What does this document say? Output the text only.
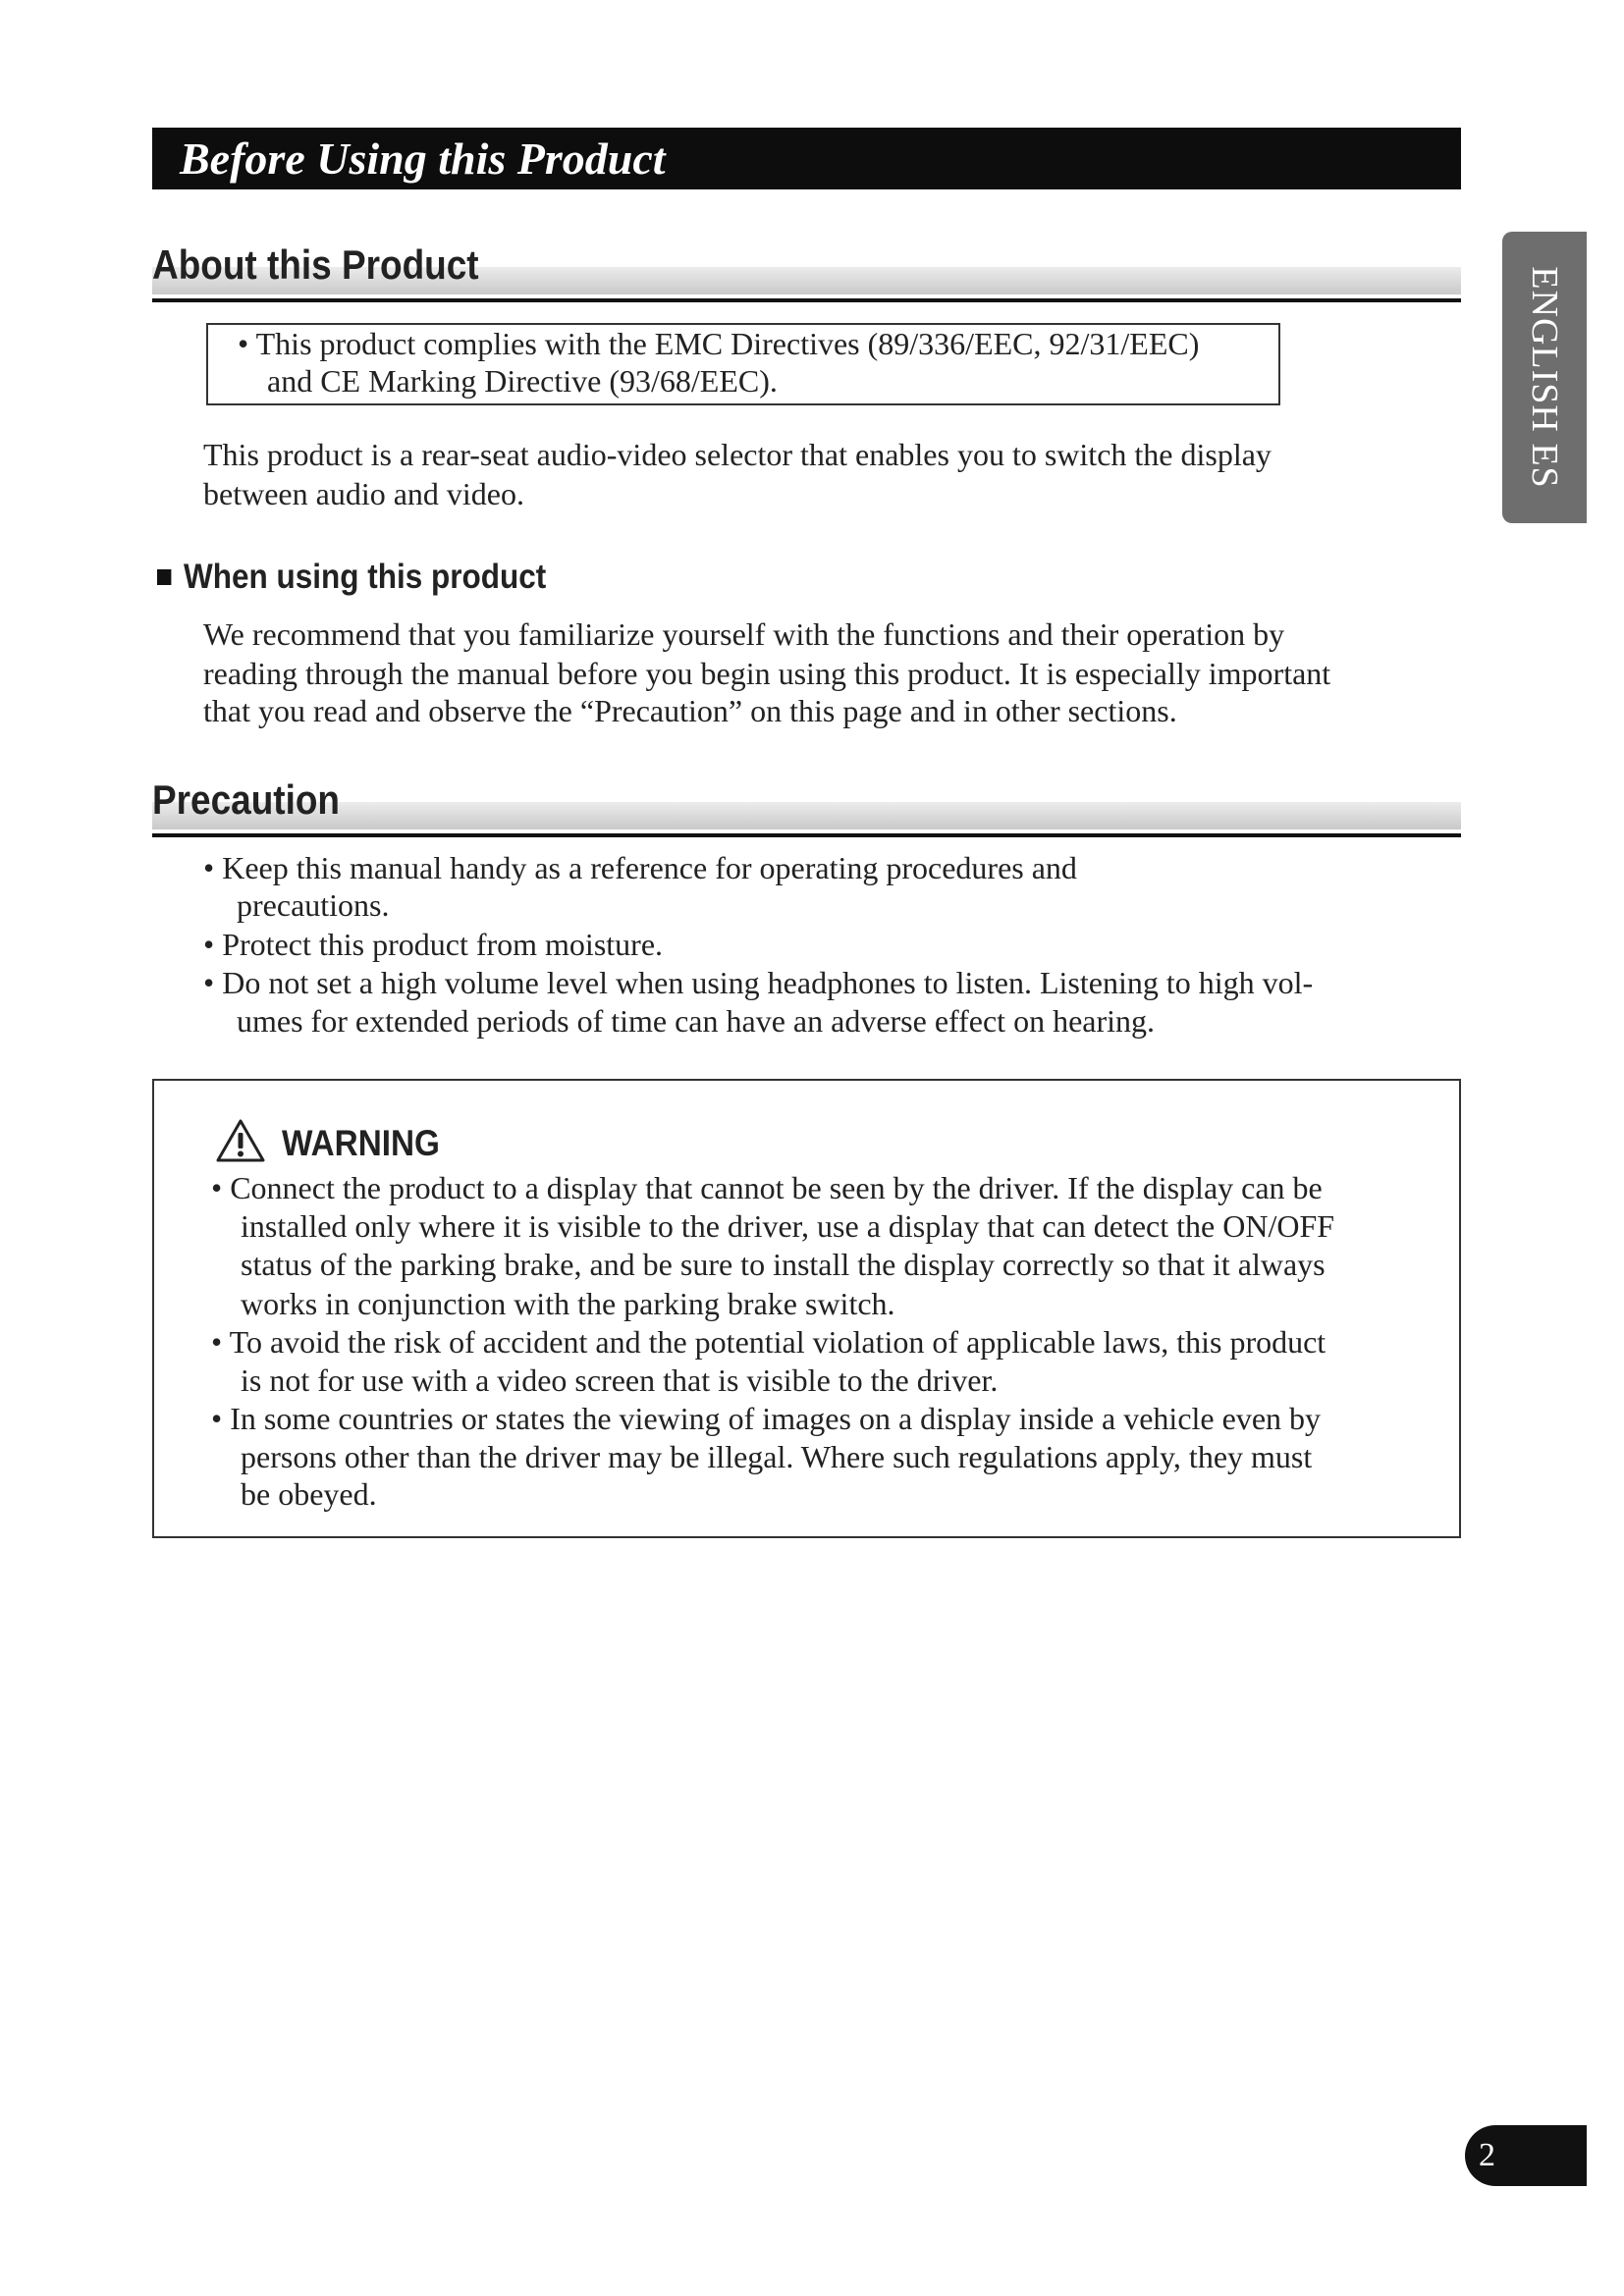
Before Using this Product
ENGLISH ES
About this Product
• This product complies with the EMC Directives (89/336/EEC, 92/31/EEC)
and CE Marking Directive (93/68/EEC).
This product is a rear-seat audio-video selector that enables you to switch the display
between audio and video.
When using this product
We recommend that you familiarize yourself with the functions and their operation by
reading through the manual before you begin using this product. It is especially important
that you read and observe the “Precaution” on this page and in other sections.
Precaution
• Keep this manual handy as a reference for operating procedures and
precautions.
• Protect this product from moisture.
• Do not set a high volume level when using headphones to listen. Listening to high vol-
umes for extended periods of time can have an adverse effect on hearing.
WARNING
• Connect the product to a display that cannot be seen by the driver. If the display can be
installed only where it is visible to the driver, use a display that can detect the ON/OFF
status of the parking brake, and be sure to install the display correctly so that it always
works in conjunction with the parking brake switch.
• To avoid the risk of accident and the potential violation of applicable laws, this product
is not for use with a video screen that is visible to the driver.
• In some countries or states the viewing of images on a display inside a vehicle even by
persons other than the driver may be illegal. Where such regulations apply, they must
be obeyed.
2
